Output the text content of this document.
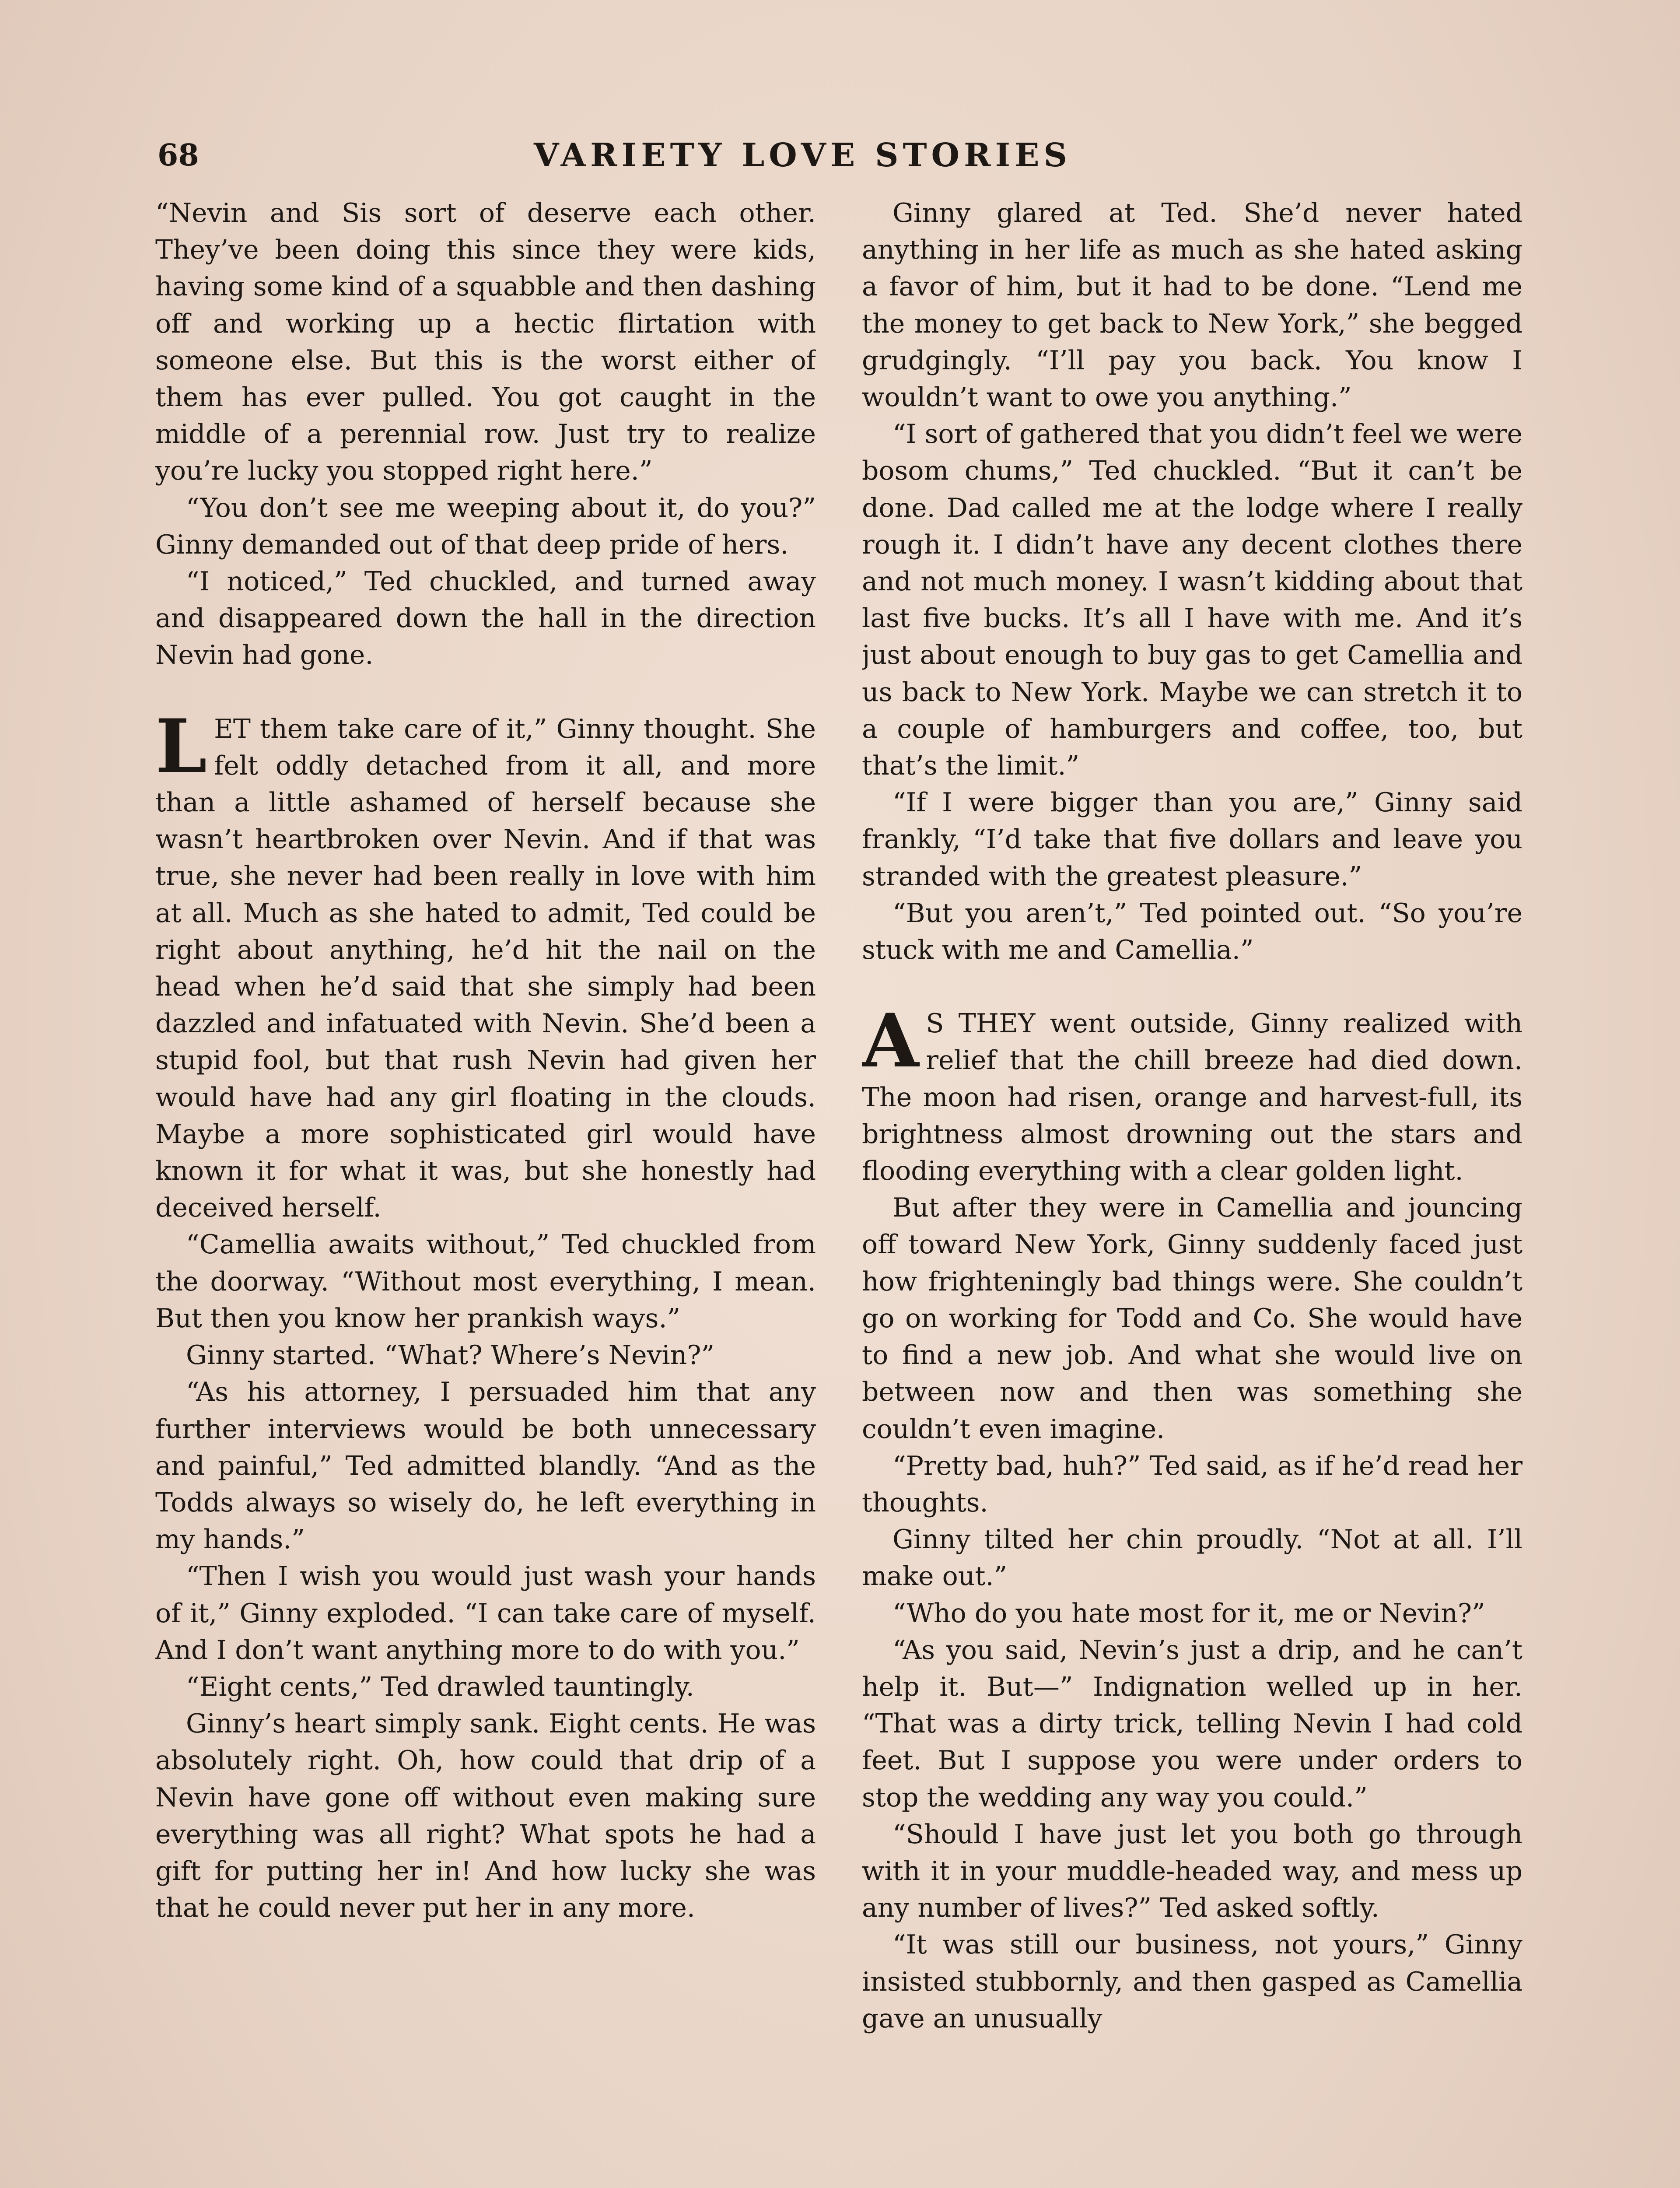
68	VARIETY LOVE STORIES

“Nevin and Sis sort of deserve each other. They’ve been doing this since they were kids, having some kind of a squabble and then dashing off and working up a hectic flirtation with someone else. But this is the worst either of them has ever pulled. You got caught in the middle of a perennial row. Just try to realize you’re lucky you stopped right here.”

“You don’t see me weeping about it, do you?” Ginny demanded out of that deep pride of hers.

“I noticed,” Ted chuckled, and turned away and disappeared down the hall in the direction Nevin had gone.

LET them take care of it,” Ginny thought. She felt oddly detached from it all, and more than a little ashamed of herself because she wasn’t heartbroken over Nevin. And if that was true, she never had been really in love with him at all. Much as she hated to admit, Ted could be right about anything, he’d hit the nail on the head when he’d said that she simply had been dazzled and infatuated with Nevin. She’d been a stupid fool, but that rush Nevin had given her would have had any girl floating in the clouds. Maybe a more sophisticated girl would have known it for what it was, but she honestly had deceived herself.

“Camellia awaits without,” Ted chuckled from the doorway. “Without most everything, I mean. But then you know her prankish ways.”

Ginny started. “What? Where’s Nevin?”

“As his attorney, I persuaded him that any further interviews would be both unnecessary and painful,” Ted admitted blandly. “And as the Todds always so wisely do, he left everything in my hands.”

“Then I wish you would just wash your hands of it,” Ginny exploded. “I can take care of myself. And I don’t want anything more to do with you.”

“Eight cents,” Ted drawled tauntingly.

Ginny’s heart simply sank. Eight cents. He was absolutely right. Oh, how could that drip of a Nevin have gone off without even making sure everything was all right? What spots he had a gift for putting her in! And how lucky she was that he could never put her in any more.

Ginny glared at Ted. She’d never hated anything in her life as much as she hated asking a favor of him, but it had to be done. “Lend me the money to get back to New York,” she begged grudgingly. “I’ll pay you back. You know I wouldn’t want to owe you anything.”

“I sort of gathered that you didn’t feel we were bosom chums,” Ted chuckled. “But it can’t be done. Dad called me at the lodge where I really rough it. I didn’t have any decent clothes there and not much money. I wasn’t kidding about that last five bucks. It’s all I have with me. And it’s just about enough to buy gas to get Camellia and us back to New York. Maybe we can stretch it to a couple of hamburgers and coffee, too, but that’s the limit.”

“If I were bigger than you are,” Ginny said frankly, “I’d take that five dollars and leave you stranded with the greatest pleasure.”

“But you aren’t,” Ted pointed out. “So you’re stuck with me and Camellia.”

A S THEY went outside, Ginny realized with relief that the chill breeze had died down. The moon had risen, orange and harvest-full, its brightness almost drowning out the stars and flooding everything with a clear golden light.

But after they were in Camellia and jouncing off toward New York, Ginny suddenly faced just how frighteningly bad things were. She couldn’t go on working for Todd and Co. She would have to find a new job. And what she would live on between now and then was something she couldn’t even imagine.

“Pretty bad, huh?” Ted said, as if he’d read her thoughts.

Ginny tilted her chin proudly. “Not at all. I’ll make out.”

“Who do you hate most for it, me or Nevin?”

“As you said, Nevin’s just a drip, and he can’t help it. But—” Indignation welled up in her. “That was a dirty trick, telling Nevin I had cold feet. But I suppose you were under orders to stop the wedding any way you could.”

“Should I have just let you both go through with it in your muddle-headed way, and mess up any number of lives?” Ted asked softly.

“It was still our business, not yours,” Ginny insisted stubbornly, and then gasped as Camellia gave an unusually
